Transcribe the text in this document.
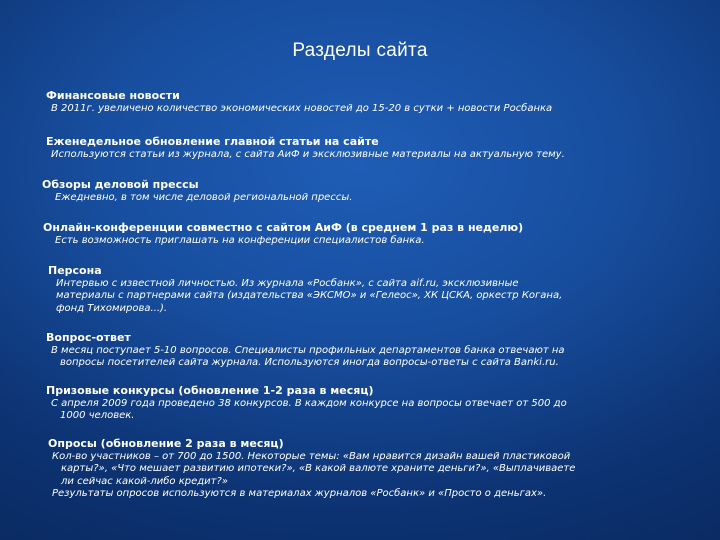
Разделы сайта
Финансовые новости
В 2011г. увеличено количество экономических новостей до 15-20 в сутки + новости Росбанка
Еженедельное обновление главной статьи на сайте
Используются статьи из журнала, с сайта АиФ и эксклюзивные материалы на актуальную тему.
Обзоры деловой прессы
Ежедневно, в том числе деловой региональной прессы.
Онлайн-конференции совместно с сайтом АиФ (в среднем 1 раз в неделю)
Есть возможность приглашать на конференции специалистов банка.
Персона
Интервью с известной личностью. Из журнала «Росбанк», с сайта aif.ru, эксклюзивные
материалы с партнерами сайта (издательства «ЭКСМО» и «Гелеос», ХК ЦСКА, оркестр Когана,
фонд Тихомирова...).
Вопрос-ответ
В месяц поступает 5-10 вопросов. Специалисты профильных департаментов банка отвечают на
вопросы посетителей сайта журнала. Используются иногда вопросы-ответы с сайта Banki.ru.
Призовые конкурсы (обновление 1-2 раза в месяц)
С апреля 2009 года проведено 38 конкурсов. В каждом конкурсе на вопросы отвечает от 500 до
1000 человек.
Опросы (обновление 2 раза в месяц)
Кол-во участников – от 700 до 1500. Некоторые темы: «Вам нравится дизайн вашей пластиковой
карты?», «Что мешает развитию ипотеки?», «В какой валюте храните деньги?», «Выплачиваете
ли сейчас какой-либо кредит?»
Результаты опросов используются в материалах журналов «Росбанк» и «Просто о деньгах».
